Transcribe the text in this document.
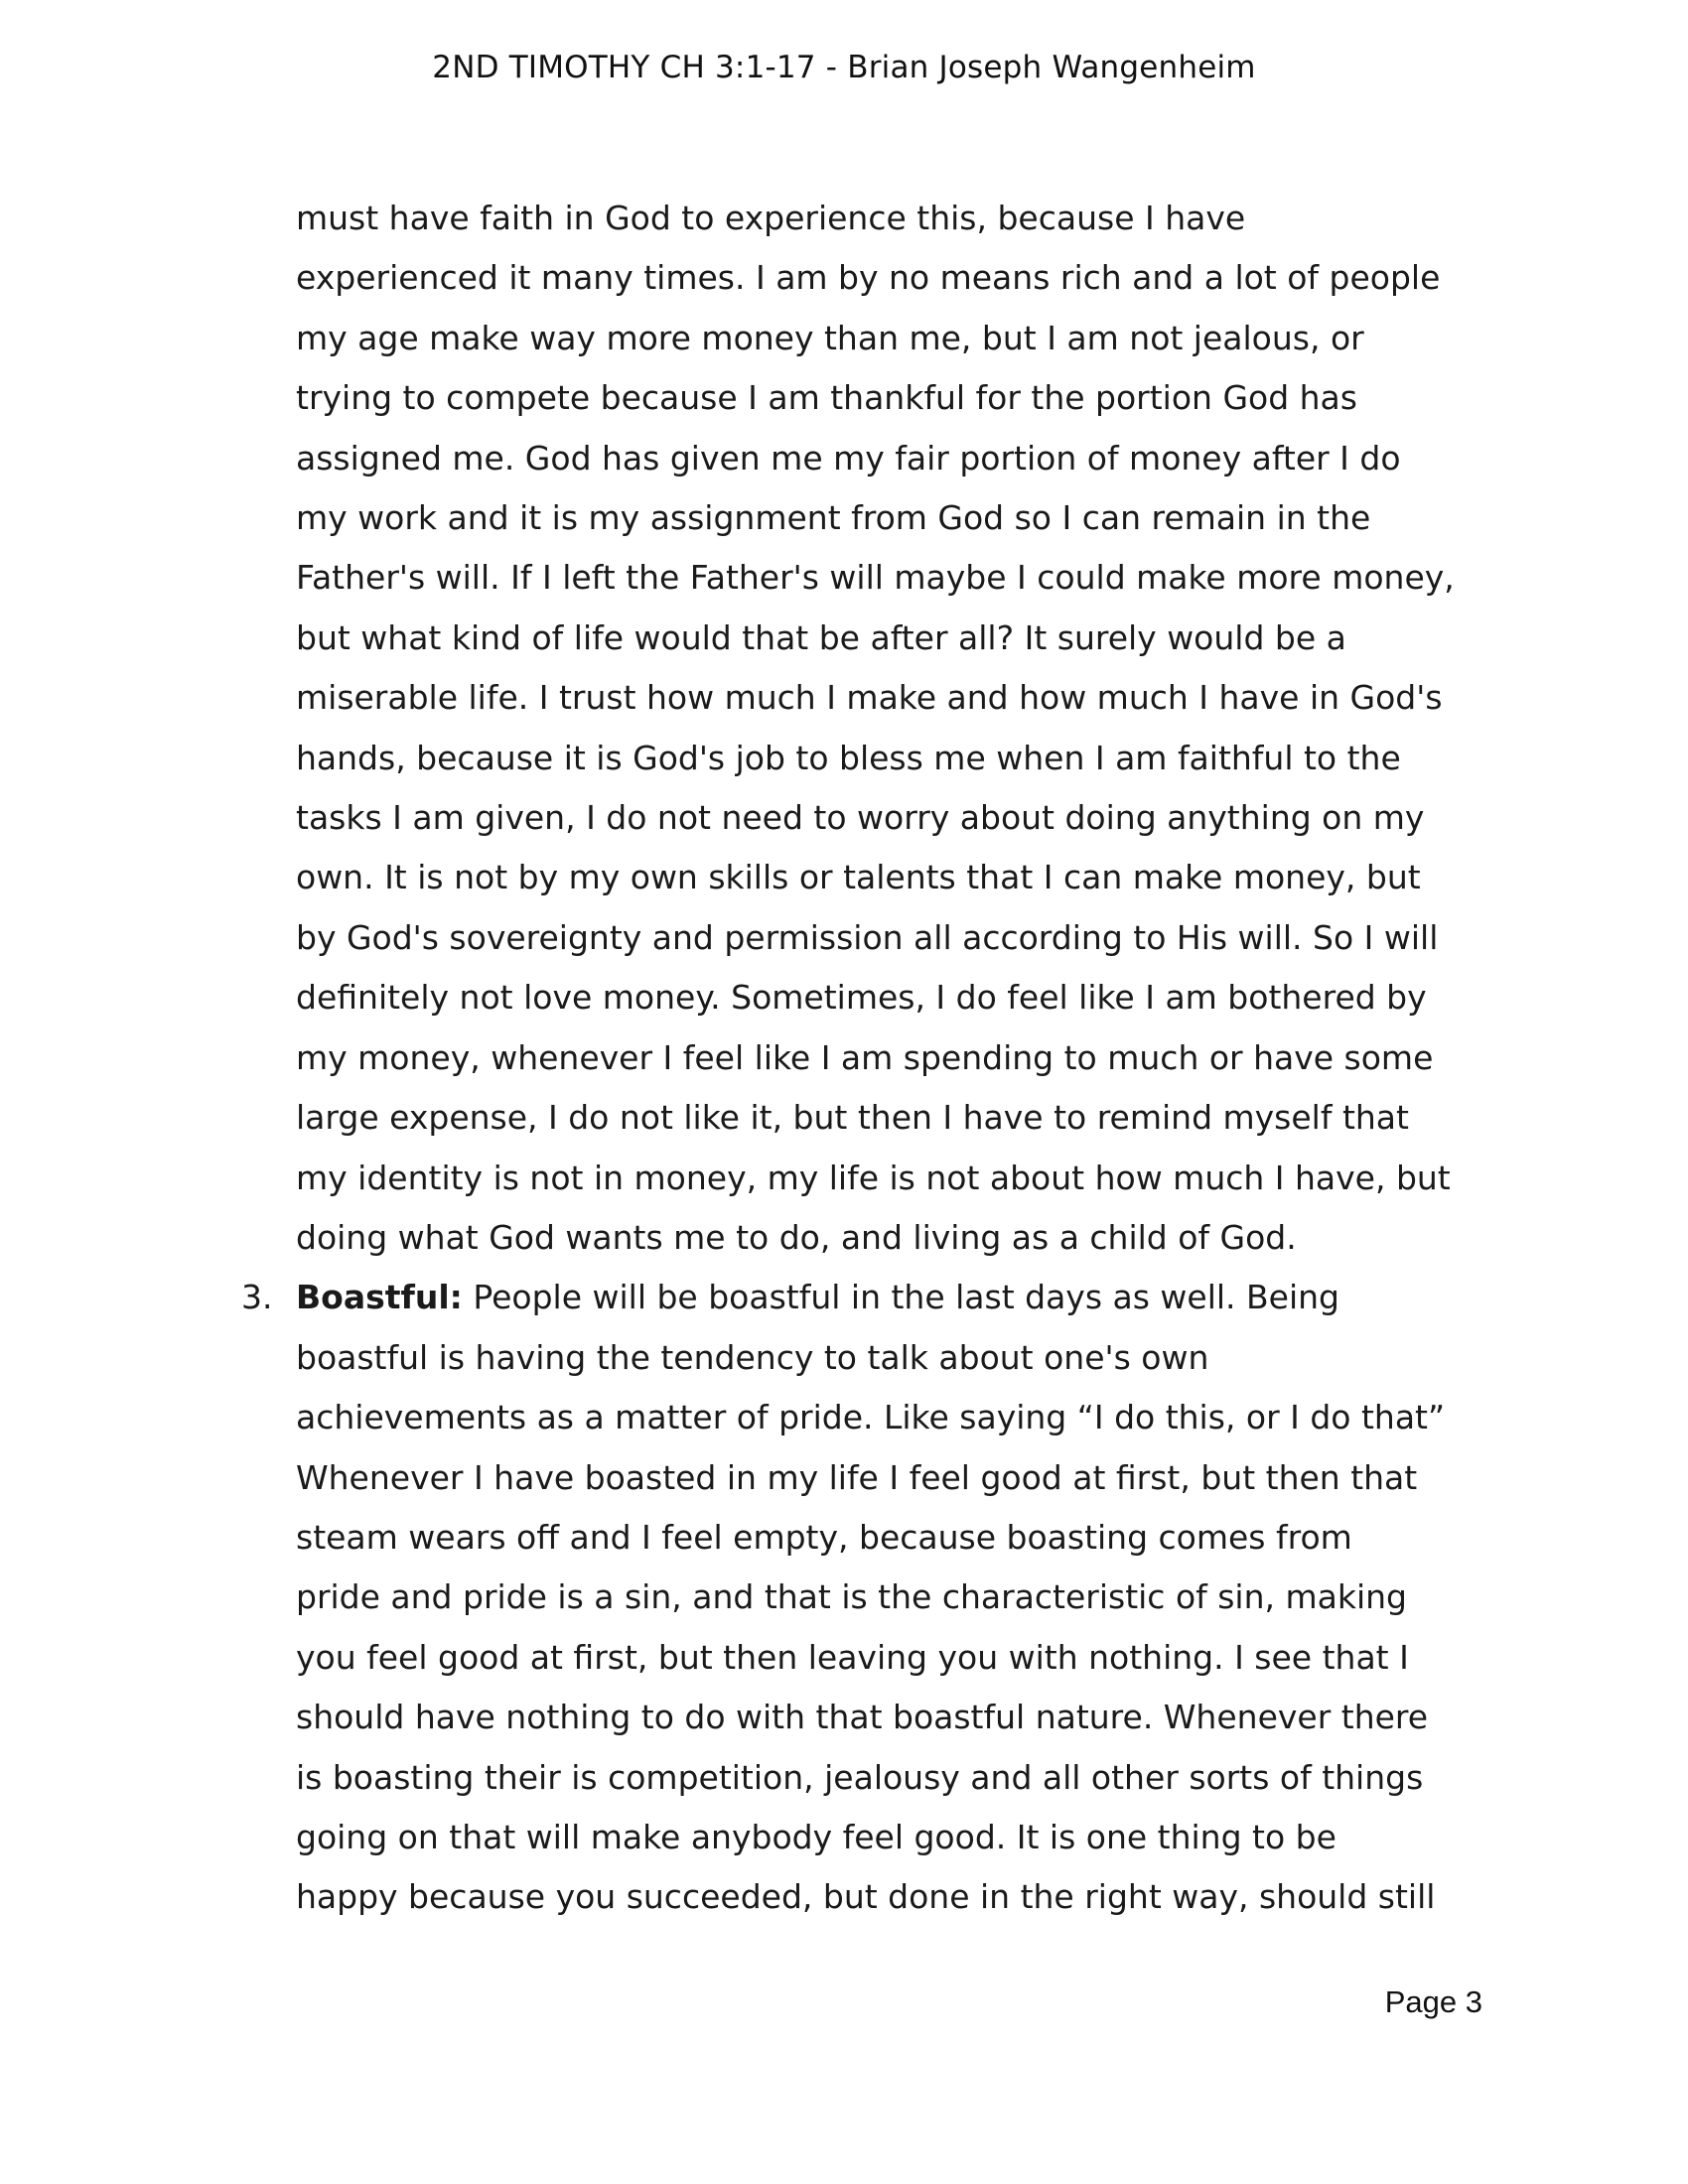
2ND TIMOTHY CH 3:1-17 - Brian Joseph Wangenheim
must have faith in God to experience this, because I have
experienced it many times. I am by no means rich and a lot of people
my age make way more money than me, but I am not jealous, or
trying to compete because I am thankful for the portion God has
assigned me. God has given me my fair portion of money after I do
my work and it is my assignment from God so I can remain in the
Father's will. If I left the Father's will maybe I could make more money,
but what kind of life would that be after all? It surely would be a
miserable life. I trust how much I make and how much I have in God's
hands, because it is God's job to bless me when I am faithful to the
tasks I am given, I do not need to worry about doing anything on my
own. It is not by my own skills or talents that I can make money, but
by God's sovereignty and permission all according to His will. So I will
definitely not love money. Sometimes, I do feel like I am bothered by
my money, whenever I feel like I am spending to much or have some
large expense, I do not like it, but then I have to remind myself that
my identity is not in money, my life is not about how much I have, but
doing what God wants me to do, and living as a child of God.
3. Boastful: People will be boastful in the last days as well. Being
boastful is having the tendency to talk about one's own
achievements as a matter of pride. Like saying “I do this, or I do that”
Whenever I have boasted in my life I feel good at first, but then that
steam wears off and I feel empty, because boasting comes from
pride and pride is a sin, and that is the characteristic of sin, making
you feel good at first, but then leaving you with nothing. I see that I
should have nothing to do with that boastful nature. Whenever there
is boasting their is competition, jealousy and all other sorts of things
going on that will make anybody feel good. It is one thing to be
happy because you succeeded, but done in the right way, should still
Page 3
